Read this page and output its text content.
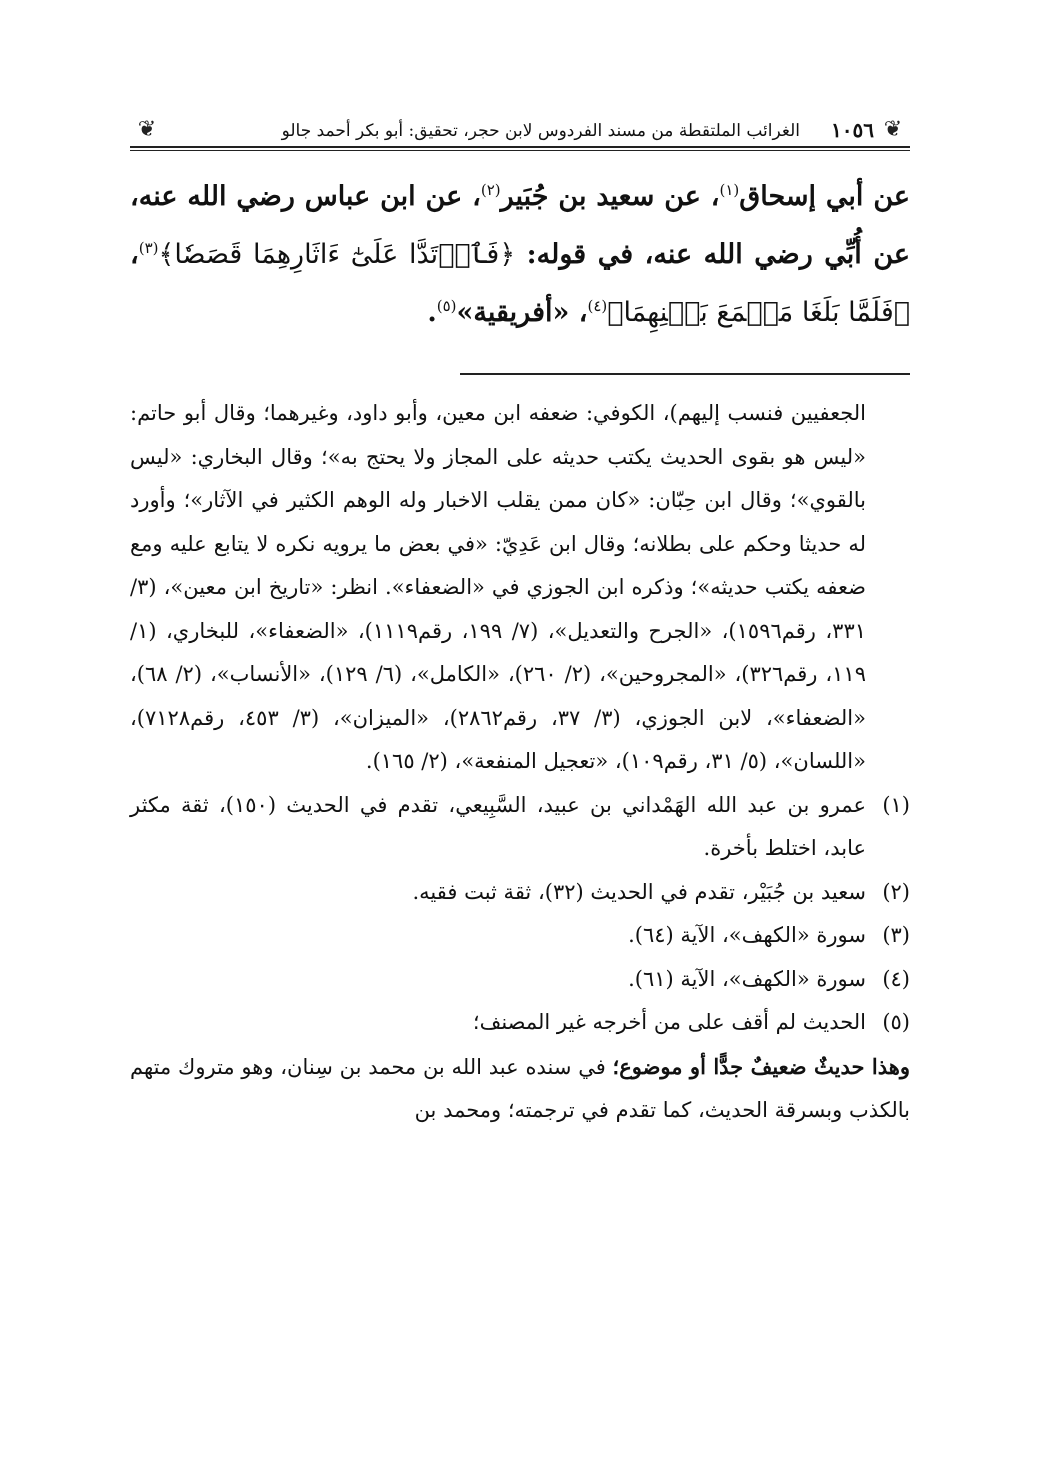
❦
١٠٥٦
الغرائب الملتقطة من مسند الفردوس لابن حجر، تحقيق: أبو بكر أحمد جالو
❦

عن أبي إسحاق$^{(١)}$، عن سعيد بن جُبَير$^{(٢)}$، عن ابن عباس رضي الله عنه، عن أُبِّي رضي الله عنه، في قوله: ﴿فَٱرۡتَدَّا عَلَىٰٓ ءَاثَارِهِمَا قَصَصٗا﴾$^{(٣)}$، ﴿فَلَمَّا بَلَغَا مَجۡمَعَ بَيۡنِهِمَا﴾$^{(٤)}$، «أفريقية»$^{(٥)}$.

الجعفيين فنسب إليهم)، الكوفي: ضعفه ابن معين، وأبو داود، وغيرهما؛ وقال أبو حاتم: «ليس هو بقوى الحديث يكتب حديثه على المجاز ولا يحتج به»؛ وقال البخاري: «ليس بالقوي»؛ وقال ابن حِبّان: «كان ممن يقلب الاخبار وله الوهم الكثير في الآثار»؛ وأورد له حديثا وحكم على بطلانه؛ وقال ابن عَدِيّ: «في بعض ما يرويه نكره لا يتابع عليه ومع ضعفه يكتب حديثه»؛ وذكره ابن الجوزي في «الضعفاء». انظر: «تاريخ ابن معين»، (٣/ ٣٣١، رقم١٥٩٦)، «الجرح والتعديل»، (٧/ ١٩٩، رقم١١١٩)، «الضعفاء»، للبخاري، (١/ ١١٩، رقم٣٢٦)، «المجروحين»، (٢/ ٢٦٠)، «الكامل»، (٦/ ١٢٩)، «الأنساب»، (٢/ ٦٨)، «الضعفاء»، لابن الجوزي، (٣/ ٣٧، رقم٢٨٦٢)، «الميزان»، (٣/ ٤٥٣، رقم٧١٢٨)، «اللسان»، (٥/ ٣١، رقم١٠٩)، «تعجيل المنفعة»، (٢/ ١٦٥).

(١)
عمرو بن عبد الله الهَمْداني بن عبيد، السَّبِيعي، تقدم في الحديث (١٥٠)، ثقة مكثر عابد، اختلط بأخرة.
(٢)
سعيد بن جُبَيْر، تقدم في الحديث (٣٢)، ثقة ثبت فقيه.
(٣)
سورة «الكهف»، الآية (٦٤).
(٤)
سورة «الكهف»، الآية (٦١).
(٥)
الحديث لم أقف على من أخرجه غير المصنف؛

وهذا حديثٌ ضعيفٌ جدًّا أو موضوع؛ في سنده عبد الله بن محمد بن سِنان، وهو متروك متهم بالكذب وبسرقة الحديث، كما تقدم في ترجمته؛ ومحمد بن
